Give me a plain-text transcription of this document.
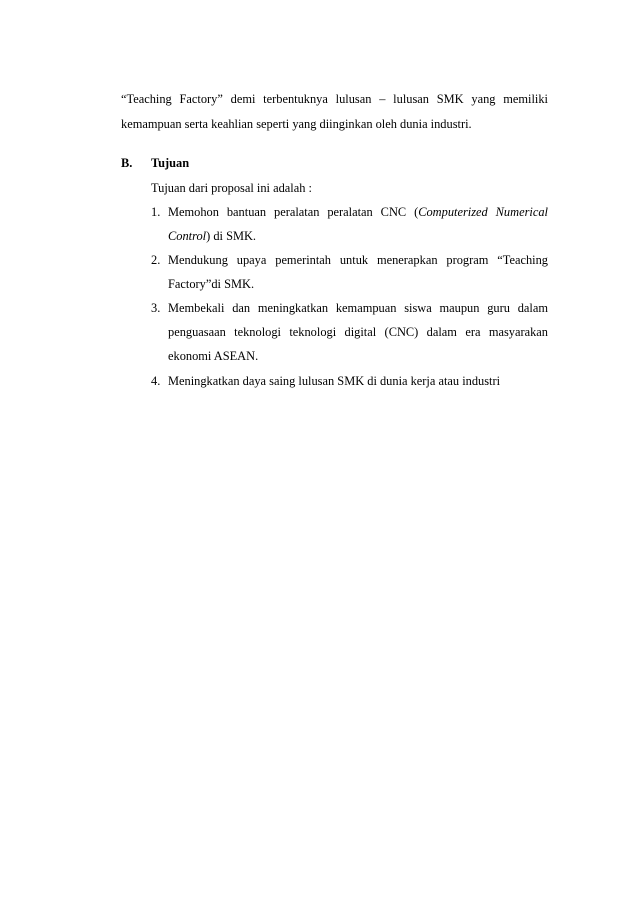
“Teaching Factory” demi terbentuknya lulusan – lulusan SMK yang memiliki
kemampuan serta keahlian seperti yang diinginkan oleh dunia industri.
B. Tujuan
Tujuan dari proposal ini adalah :
1. Memohon bantuan peralatan peralatan CNC (Computerized Numerical
Control) di SMK.
2. Mendukung upaya pemerintah untuk menerapkan program “Teaching
Factory”di SMK.
3. Membekali dan meningkatkan kemampuan siswa maupun guru dalam
penguasaan teknologi teknologi digital (CNC) dalam era masyarakan
ekonomi ASEAN.
4. Meningkatkan daya saing lulusan SMK di dunia kerja atau industri
